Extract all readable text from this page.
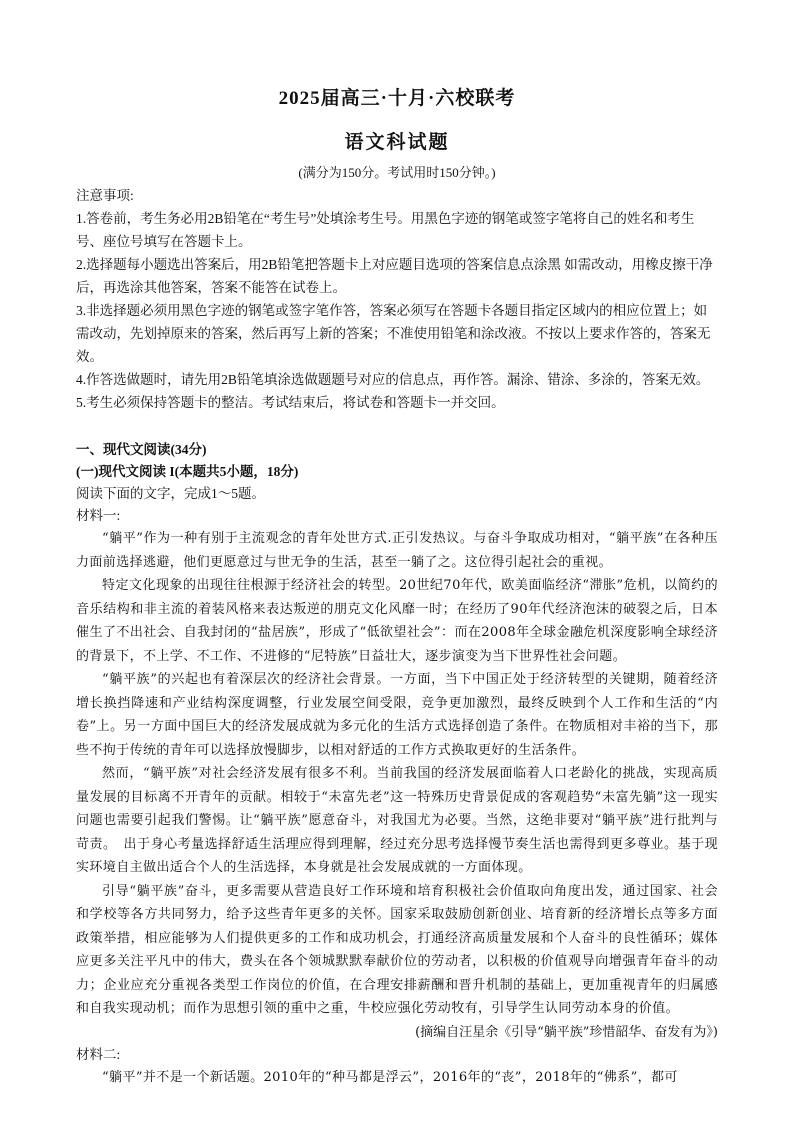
2025届高三·十月·六校联考
语文科试题

(满分为150分。考试用时150分钟。)

注意事项:

1.答卷前，考生务必用2B铅笔在“考生号”处填涂考生号。用黑色字迹的钢笔或签字笔将自己的姓名和考生号、座位号填写在答题卡上。

2.选择题每小题选出答案后，用2B铅笔把答题卡上对应题目选项的答案信息点涂黑 如需改动，用橡皮擦干净后，再选涂其他答案，答案不能答在试卷上。

3.非选择题必须用黑色字迹的钢笔或签字笔作答，答案必须写在答题卡各题目指定区域内的相应位置上；如需改动，先划掉原来的答案，然后再写上新的答案；不准使用铅笔和涂改液。不按以上要求作答的，答案无效。

4.作答选做题时，请先用2B铅笔填涂选做题题号对应的信息点，再作答。漏涂、错涂、多涂的，答案无效。

5.考生必须保持答题卡的整洁。考试结束后，将试卷和答题卡一并交回。

一、现代文阅读(34分)

(一)现代文阅读 I(本题共5小题，18分)

阅读下面的文字，完成1～5题。

材料一:

“躺平”作为一种有别于主流观念的青年处世方式.正引发热议。与奋斗争取成功相对，“躺平族”在各种压力面前选择逃避，他们更愿意过与世无争的生活，甚至一躺了之。这位得引起社会的重视。

特定文化现象的出现往往根源于经济社会的转型。20世纪70年代，欧美面临经济“滞胀”危机，以简约的音乐结构和非主流的着装风格来表达叛逆的朋克文化风靡一时；在经历了90年代经济泡沫的破裂之后，日本催生了不出社会、自我封闭的“盐居族”，形成了“低欲望社会”：而在2008年全球金融危机深度影响全球经济的背景下，不上学、不工作、不进修的“尼特族”日益壮大，逐步演变为当下世界性社会问题。

“躺平族”的兴起也有着深层次的经济社会背景。一方面，当下中国正处于经济转型的关键期，随着经济增长换挡降速和产业结构深度调整，行业发展空间受限，竞争更加激烈，最终反映到个人工作和生活的“内卷”上。另一方面中国巨大的经济发展成就为多元化的生活方式选择创造了条件。在物质相对丰裕的当下，那些不拘于传统的青年可以选择放慢脚步，以相对舒适的工作方式换取更好的生活条件。

然而，“躺平族”对社会经济发展有很多不利。当前我国的经济发展面临着人口老龄化的挑战，实现高质量发展的目标离不开青年的贡献。相较于“未富先老”这一特殊历史背景促成的客观趋势“未富先躺”这一现实问题也需要引起我们警惕。让“躺平族”愿意奋斗，对我国尤为必要。当然，这绝非要对“躺平族”进行批判与苛责。　出于身心考量选择舒适生活理应得到理解，经过充分思考选择慢节奏生活也需得到更多尊业。基于现实环境自主做出适合个人的生活选择，本身就是社会发展成就的一方面体现。

引导“躺平族”奋斗，更多需要从营造良好工作环境和培育积极社会价值取向角度出发，通过国家、社会和学校等各方共同努力，给予这些青年更多的关怀。国家采取鼓励创新创业、培育新的经济增长点等多方面政策举措，相应能够为人们提供更多的工作和成功机会，打通经济高质量发展和个人奋斗的良性循环；媒体应更多关注平凡中的伟大，费头在各个领城默默奉献价位的劳动者，以积极的价值观导向增强青年奋斗的动力；企业应充分重视各类型工作岗位的价值，在合理安排薪酬和晋升机制的基础上，更加重视青年的归属感和自我实现动机；而作为思想引领的重中之重，牛校应强化劳动牧有，引导学生认同劳动本身的价值。

(摘编自汪星余《引导“躺平族”珍惜韶华、奋发有为》)

材料二:

“躺平”并不是一个新话题。2010年的“种马都是浮云”，2016年的“丧”，2018年的“佛系”，都可
